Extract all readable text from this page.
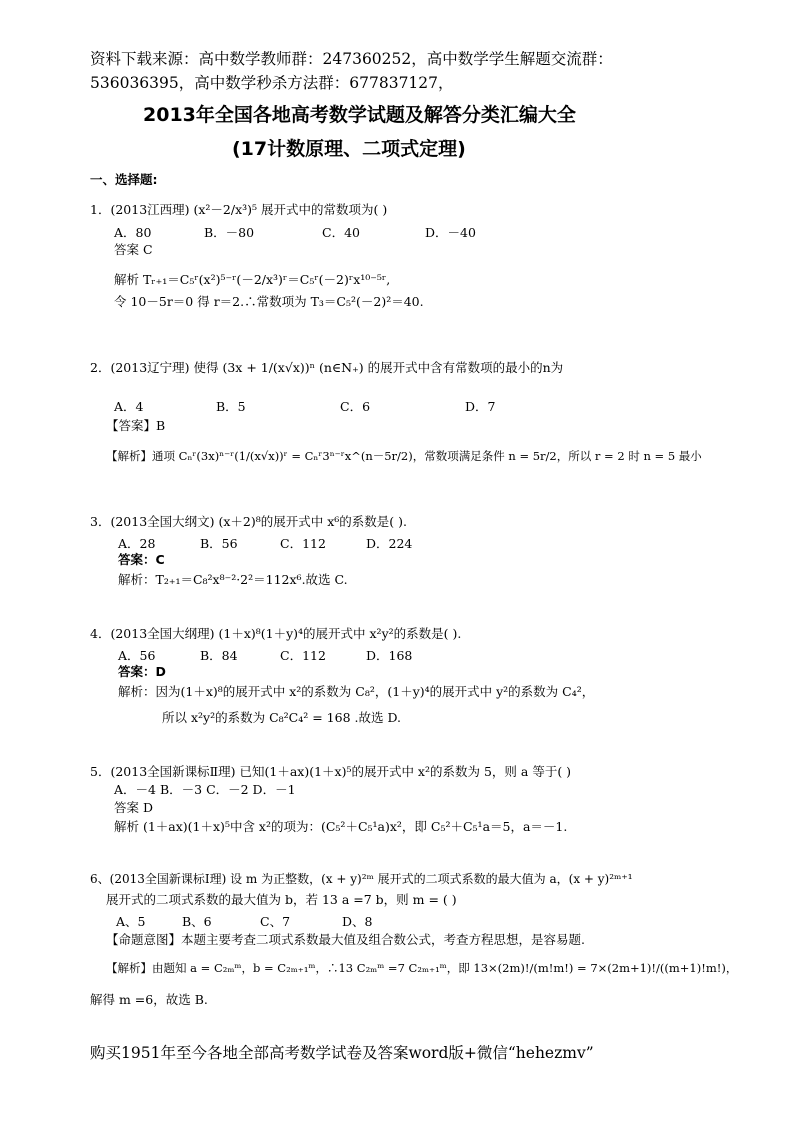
资料下载来源：高中数学教师群：247360252，高中数学学生解题交流群：
536036395，高中数学秒杀方法群：677837127，
2013年全国各地高考数学试题及解答分类汇编大全
(17计数原理、二项式定理)
一、选择题:
1．(2013江西理) (x²－2/x³)⁵ 展开式中的常数项为( )
A．80	B．－80	C．40	D．－40
答案 C
解析 Tᵣ₊₁＝C₅ʳ(x²)⁵⁻ʳ(－2/x³)ʳ＝C₅ʳ(－2)ʳx¹⁰⁻⁵ʳ,
令 10－5r＝0 得 r＝2.∴常数项为 T₃＝C₅²(－2)²＝40.
2．(2013辽宁理) 使得 (3x + 1/(x√x))ⁿ (n∈N₊) 的展开式中含有常数项的最小的n为
A．4	B．5	C．6	D．7
【答案】B
【解析】通项 Cₙʳ(3x)ⁿ⁻ʳ(1/(x√x))ʳ = Cₙʳ3ⁿ⁻ʳx^(n－5r/2)，常数项满足条件 n = 5r/2，所以 r = 2 时 n = 5 最小
3．(2013全国大纲文) (x＋2)⁸的展开式中 x⁶的系数是( ).
A．28	B．56	C．112	D．224
答案：C
解析：T₂₊₁＝C₈²x⁸⁻²·2²＝112x⁶.故选 C.
4．(2013全国大纲理) (1＋x)⁸(1＋y)⁴的展开式中 x²y²的系数是( ).
A．56	B．84	C．112	D．168
答案：D
解析：因为(1＋x)⁸的展开式中 x²的系数为 C₈²，(1＋y)⁴的展开式中 y²的系数为 C₄²，
所以 x²y²的系数为 C₈²C₄² = 168 .故选 D.
5．(2013全国新课标Ⅱ理) 已知(1＋ax)(1＋x)⁵的展开式中 x²的系数为 5，则 a 等于( )
A．－4 B．－3 C．－2 D．－1
答案 D
解析 (1＋ax)(1＋x)⁵中含 x²的项为：(C₅²＋C₅¹a)x²，即 C₅²＋C₅¹a＝5，a＝－1.
6、(2013全国新课标Ⅰ理) 设 m 为正整数，(x + y)²ᵐ 展开式的二项式系数的最大值为 a，(x + y)²ᵐ⁺¹
展开式的二项式系数的最大值为 b，若 13 a =7 b，则 m = ( )
A、5	B、6	C、7	D、8
【命题意图】本题主要考查二项式系数最大值及组合数公式，考查方程思想，是容易题.
【解析】由题知 a = C₂ₘᵐ，b = C₂ₘ₊₁ᵐ，∴13 C₂ₘᵐ =7 C₂ₘ₊₁ᵐ，即 13×(2m)!/(m!m!) = 7×(2m+1)!/((m+1)!m!)，
解得 m =6，故选 B.
购买1951年至今各地全部高考数学试卷及答案word版+微信“hehezmv”
